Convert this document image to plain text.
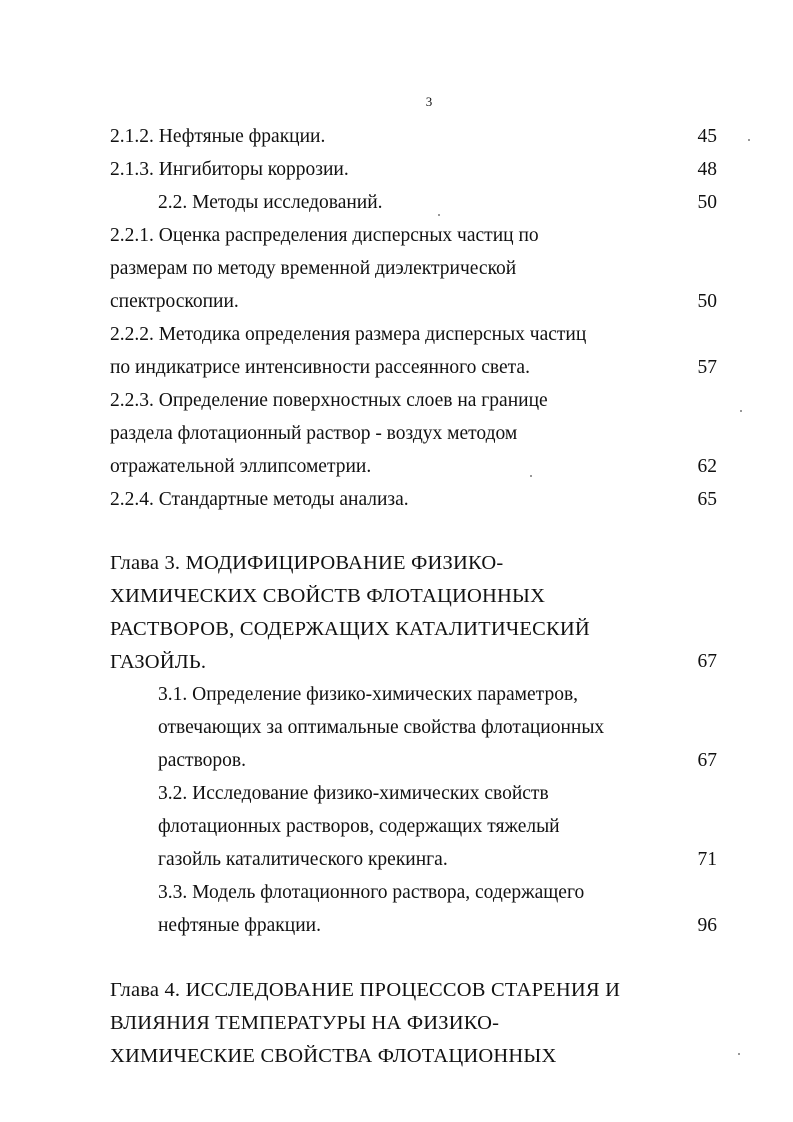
3
2.1.2. Нефтяные фракции.	45
2.1.3. Ингибиторы коррозии.	48
2.2. Методы исследований.	50
2.2.1. Оценка распределения дисперсных частиц по
размерам по методу временной диэлектрической
спектроскопии.	50
2.2.2. Методика определения размера дисперсных частиц
по индикатрисе интенсивности рассеянного света.	57
2.2.3. Определение поверхностных слоев на границе
раздела флотационный раствор - воздух методом
отражательной эллипсометрии.	62
2.2.4. Стандартные методы анализа.	65
Глава 3. МОДИФИЦИРОВАНИЕ ФИЗИКО-
ХИМИЧЕСКИХ СВОЙСТВ ФЛОТАЦИОННЫХ
РАСТВОРОВ, СОДЕРЖАЩИХ КАТАЛИТИЧЕСКИЙ
ГАЗОЙЛЬ.	67
3.1. Определение физико-химических параметров,
отвечающих за оптимальные свойства флотационных
растворов.	67
3.2. Исследование физико-химических свойств
флотационных растворов, содержащих тяжелый
газойль каталитического крекинга.	71
3.3. Модель флотационного раствора, содержащего
нефтяные фракции.	96
Глава 4. ИССЛЕДОВАНИЕ ПРОЦЕССОВ СТАРЕНИЯ И
ВЛИЯНИЯ ТЕМПЕРАТУРЫ НА ФИЗИКО-
ХИМИЧЕСКИЕ СВОЙСТВА ФЛОТАЦИОННЫХ
